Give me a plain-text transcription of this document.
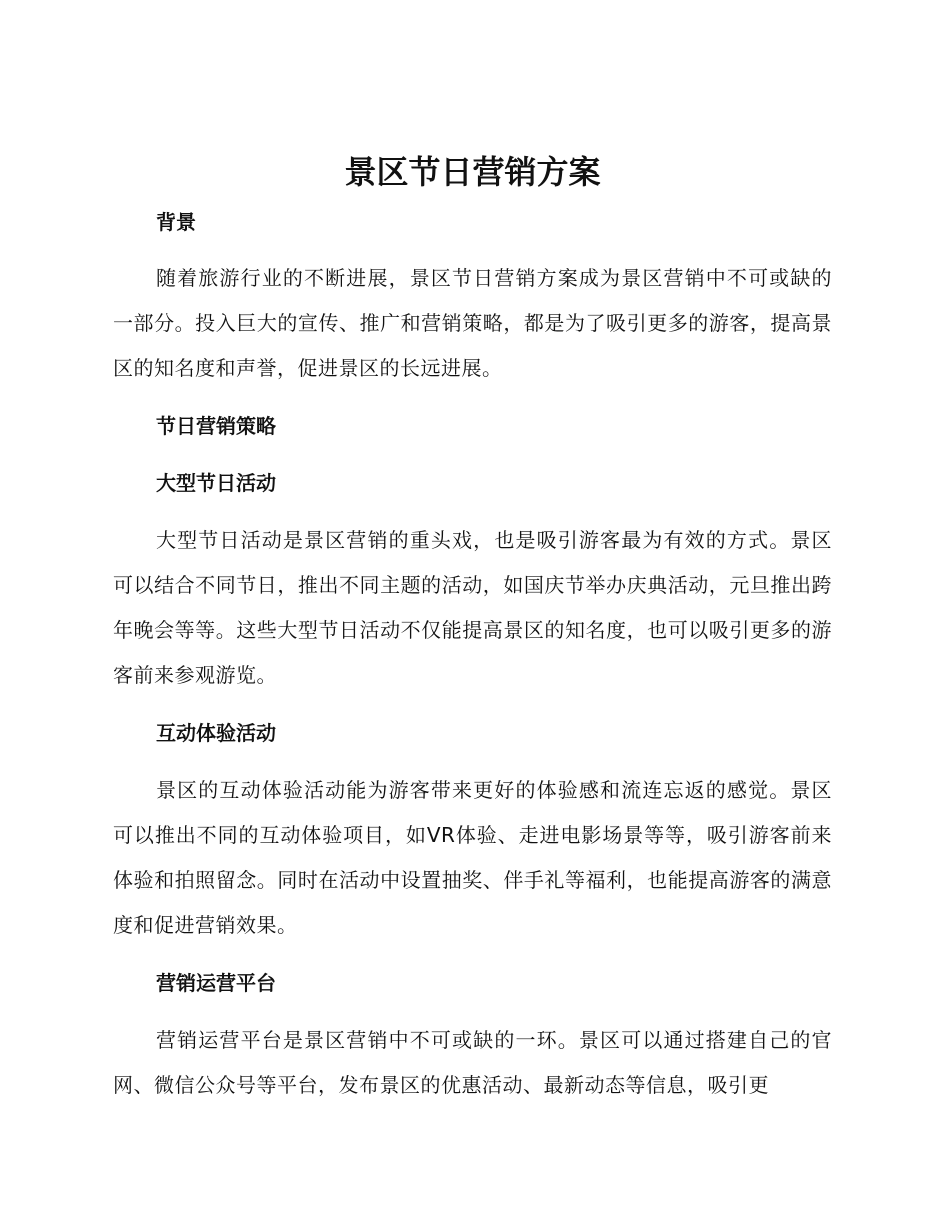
景区节日营销方案
背景

随着旅游行业的不断进展，景区节日营销方案成为景区营销中不可或缺的一部分。投入巨大的宣传、推广和营销策略，都是为了吸引更多的游客，提高景区的知名度和声誉，促进景区的长远进展。

节日营销策略
大型节日活动

大型节日活动是景区营销的重头戏，也是吸引游客最为有效的方式。景区可以结合不同节日，推出不同主题的活动，如国庆节举办庆典活动，元旦推出跨年晚会等等。这些大型节日活动不仅能提高景区的知名度，也可以吸引更多的游客前来参观游览。

互动体验活动

景区的互动体验活动能为游客带来更好的体验感和流连忘返的感觉。景区可以推出不同的互动体验项目，如VR体验、走进电影场景等等，吸引游客前来体验和拍照留念。同时在活动中设置抽奖、伴手礼等福利，也能提高游客的满意度和促进营销效果。

营销运营平台

营销运营平台是景区营销中不可或缺的一环。景区可以通过搭建自己的官网、微信公众号等平台，发布景区的优惠活动、最新动态等信息，吸引更
